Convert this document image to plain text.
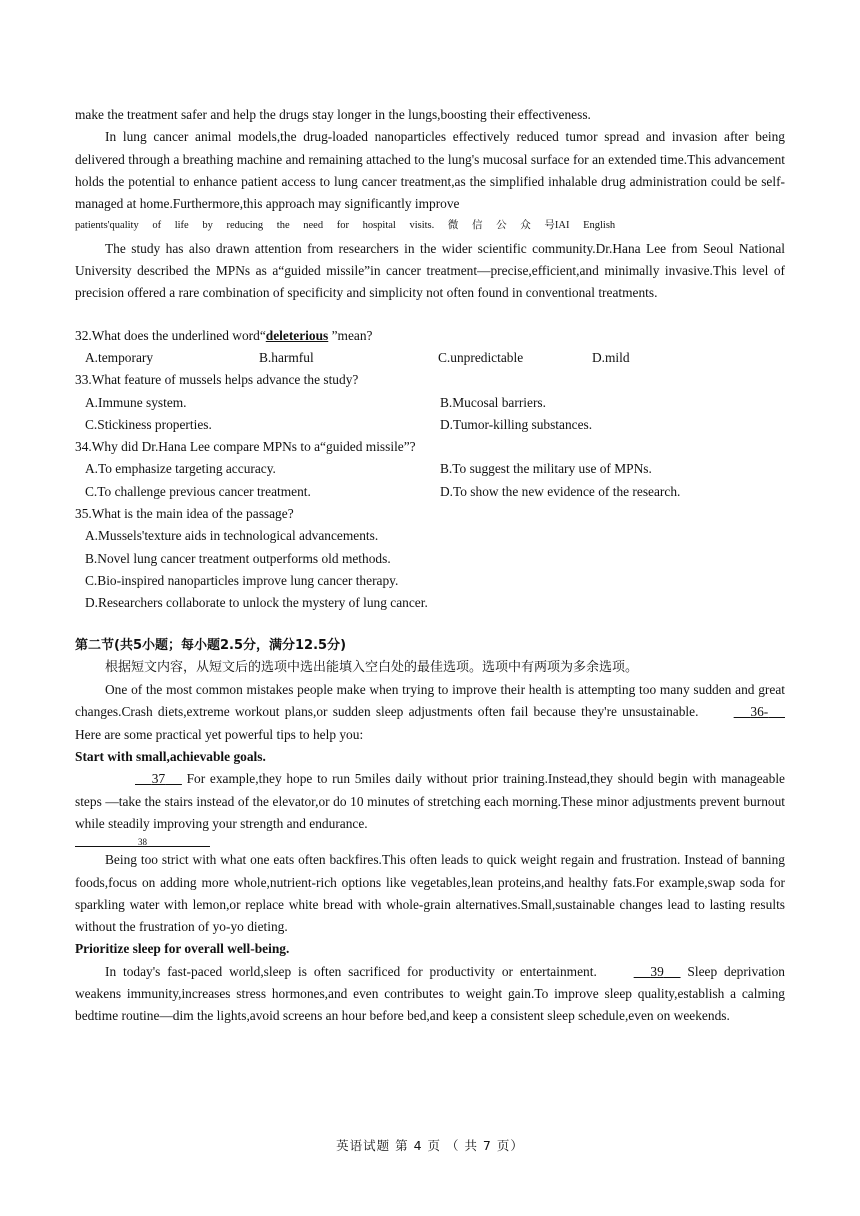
make the treatment safer and help the drugs stay longer in the lungs,boosting their effectiveness.

In lung cancer animal models,the drug-loaded nanoparticles effectively reduced tumor spread and invasion after being delivered through a breathing machine and remaining attached to the lung's mucosal surface for an extended time.This advancement holds the potential to enhance patient access to lung cancer treatment,as the simplified inhalable drug administration could be self-managed at home.Furthermore,this approach may significantly improve

patients'quality of life by reducing the need for hospital visits. 微 信 公 众 号IAI English

The study has also drawn attention from researchers in the wider scientific community.Dr.Hana Lee from Seoul National University described the MPNs as a“guided missile”in cancer treatment—precise,efficient,and minimally invasive.This level of precision offered a rare combination of specificity and simplicity not often found in conventional treatments.

32.What does the underlined word“deleterious ”mean?

A.temporary	B.harmful	C.unpredictable	D.mild

33.What feature of mussels helps advance the study?

A.Immune system.	B.Mucosal barriers.
C.Stickiness properties.	D.Tumor-killing substances.

34.Why did Dr.Hana Lee compare MPNs to a“guided missile”?

A.To emphasize targeting accuracy.	B.To suggest the military use of MPNs.
C.To challenge previous cancer treatment.	D.To show the new evidence of the research.

35.What is the main idea of the passage?

A.Mussels'texture aids in technological advancements.
B.Novel lung cancer treatment outperforms old methods.
C.Bio-inspired nanoparticles improve lung cancer therapy.
D.Researchers collaborate to unlock the mystery of lung cancer.

第二节(共5小题；每小题2.5分，满分12.5分)

根据短文内容，从短文后的选项中选出能填入空白处的最佳选项。选项中有两项为多余选项。

One of the most common mistakes people make when trying to improve their health is attempting too many sudden and great changes.Crash diets,extreme workout plans,or sudden sleep adjustments often fail because they're unsustainable.	36-     Here are some practical yet powerful tips to help you:

Start with small,achievable goals.

37 For example,they hope to run 5miles daily without prior training.Instead,they should begin with manageable steps —take the stairs instead of the elevator,or do 10 minutes of stretching each morning.These minor adjustments prevent burnout while steadily improving your strength and endurance.

38

Being too strict with what one eats often backfires.This often leads to quick weight regain and frustration. Instead of banning foods,focus on adding more whole,nutrient-rich options like vegetables,lean proteins,and healthy fats.For example,swap soda for sparkling water with lemon,or replace white bread with whole-grain alternatives.Small,sustainable changes lead to lasting results without the frustration of yo-yo dieting.

Prioritize sleep for overall well-being.

In today's fast-paced world,sleep is often sacrificed for productivity or entertainment.	39 Sleep deprivation weakens immunity,increases stress hormones,and even contributes to weight gain.To improve sleep quality,establish a calming bedtime routine—dim the lights,avoid screens an hour before bed,and keep a consistent sleep schedule,even on weekends.

英语试题 第 4 页 （ 共 7 页）
